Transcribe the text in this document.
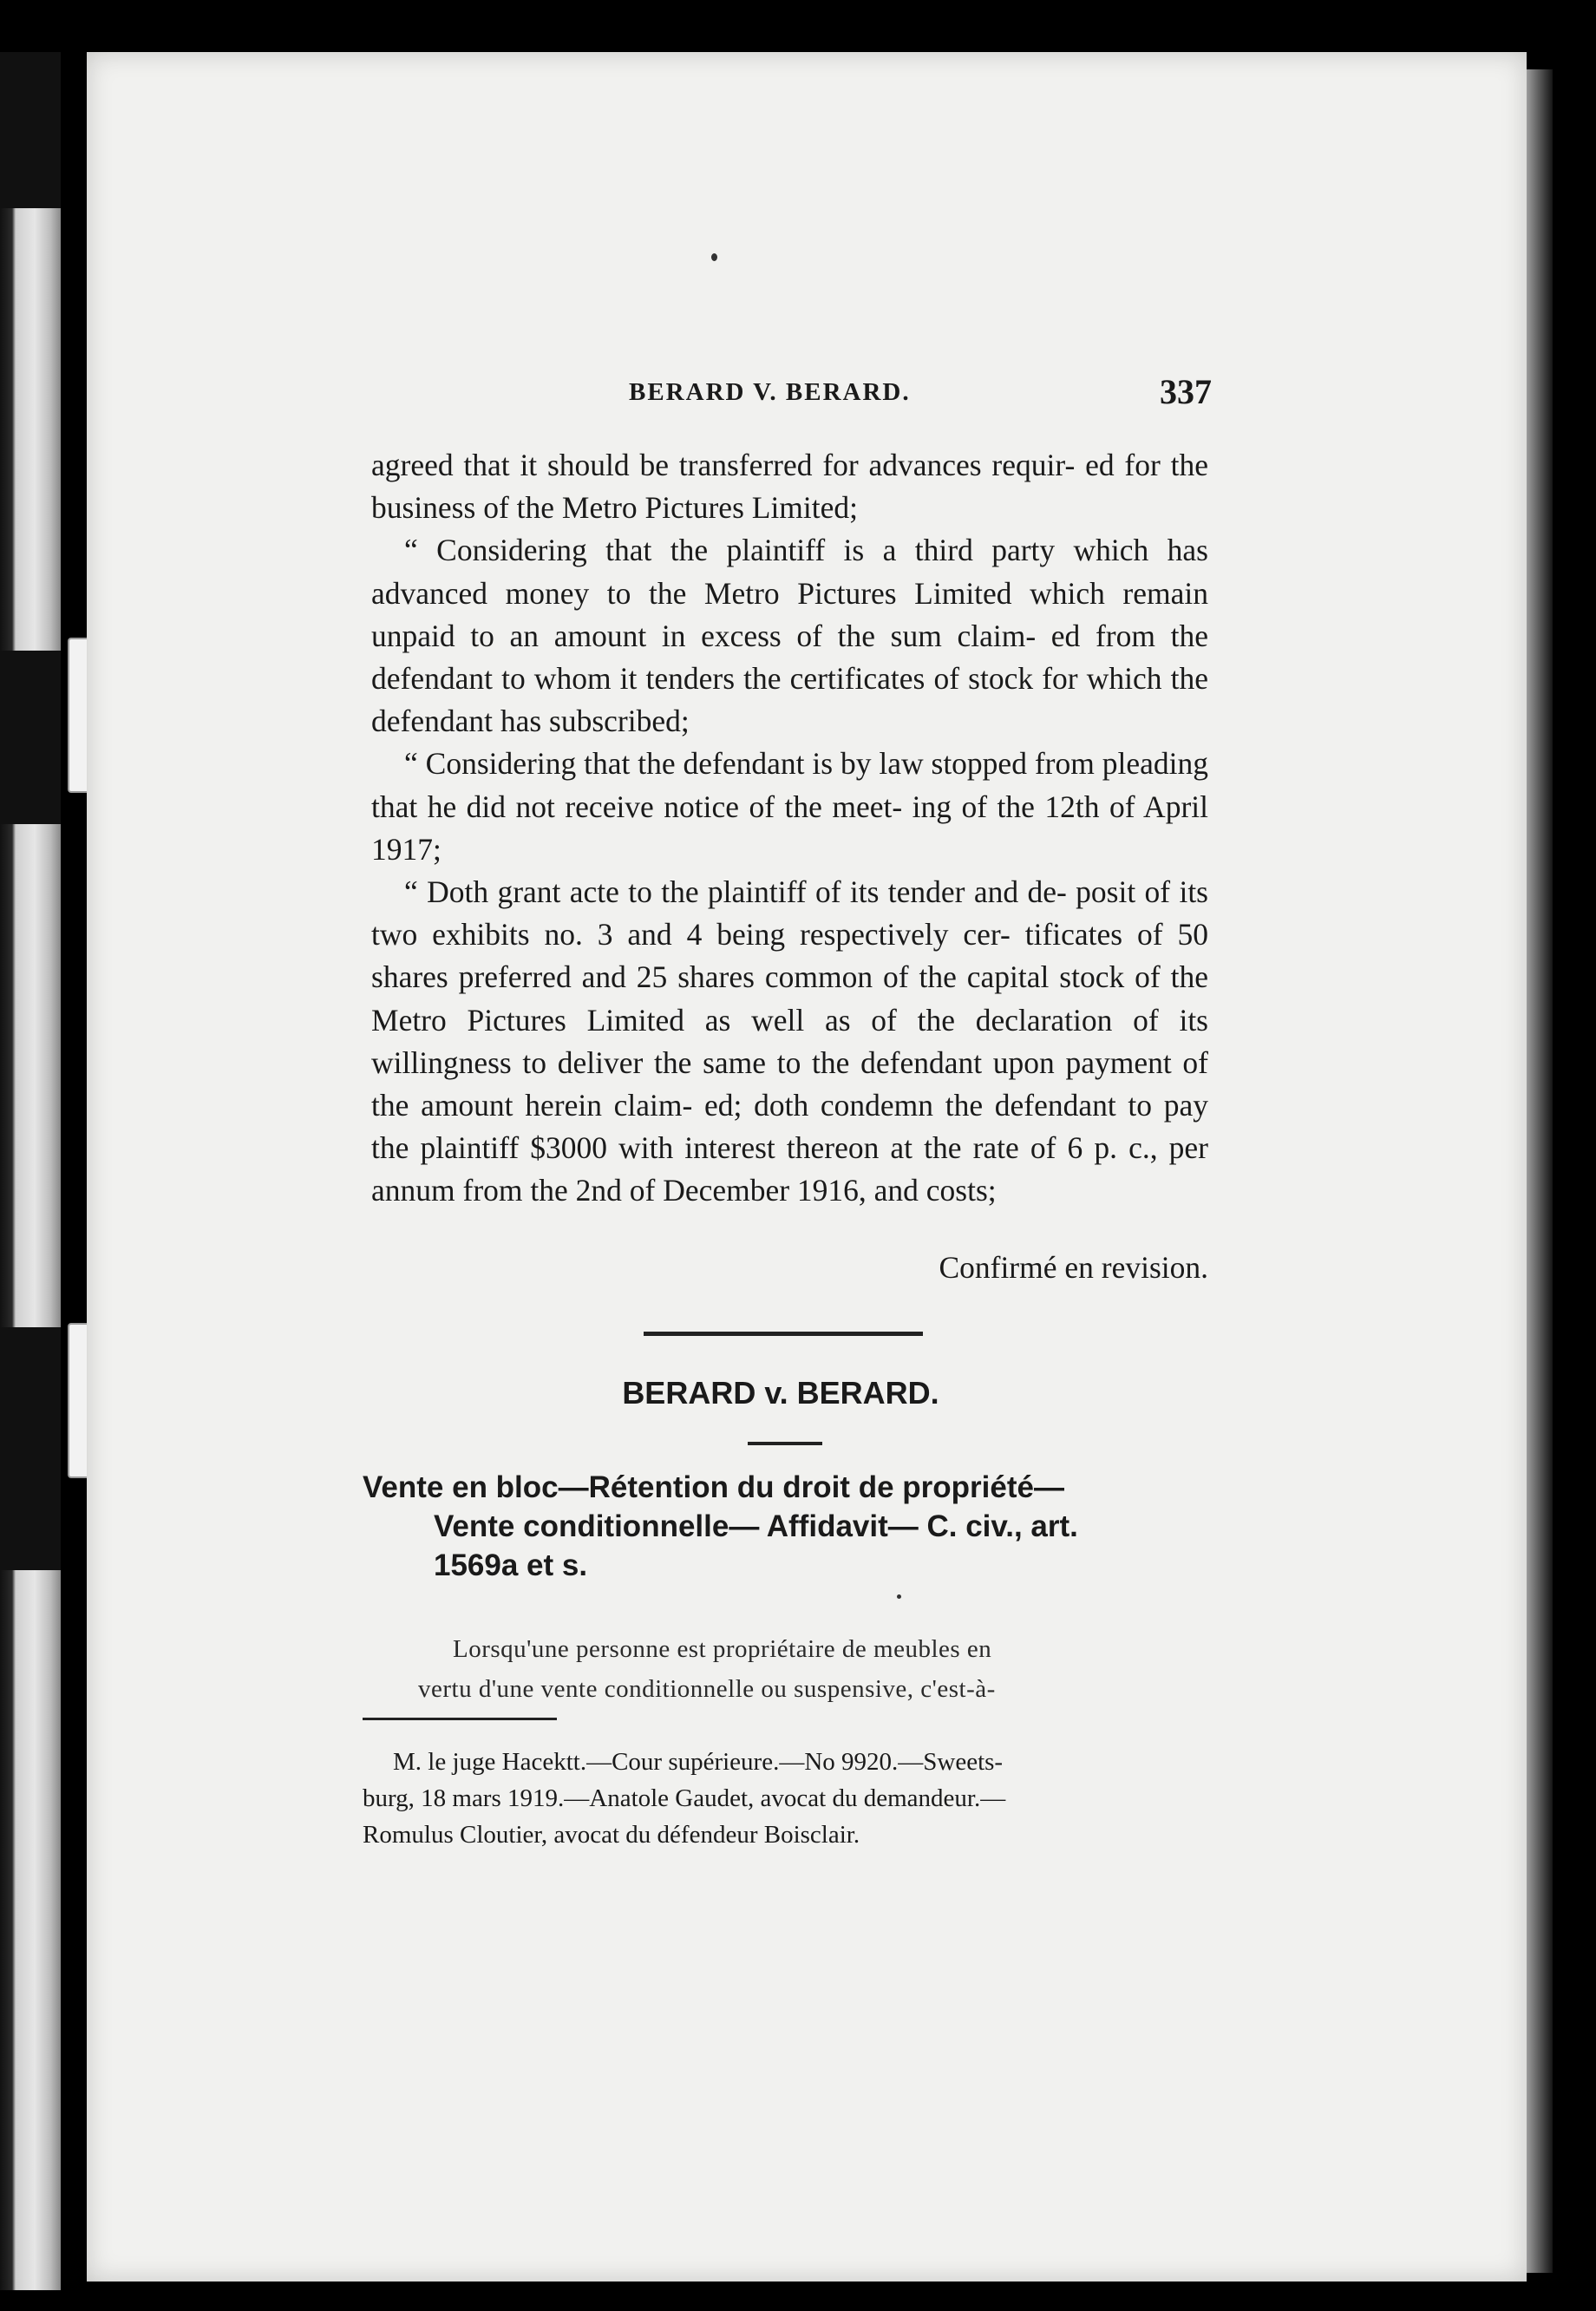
BERARD V. BERARD.	337

agreed that it should be transferred for advances requir- ed for the business of the Metro Pictures Limited;

“ Considering that the plaintiff is a third party which has advanced money to the Metro Pictures Limited which remain unpaid to an amount in excess of the sum claim- ed from the defendant to whom it tenders the certificates of stock for which the defendant has subscribed;

“ Considering that the defendant is by law stopped from pleading that he did not receive notice of the meet- ing of the 12th of April 1917;

“ Doth grant acte to the plaintiff of its tender and de- posit of its two exhibits no. 3 and 4 being respectively cer- tificates of 50 shares preferred and 25 shares common of the capital stock of the Metro Pictures Limited as well as of the declaration of its willingness to deliver the same to the defendant upon payment of the amount herein claim- ed; doth condemn the defendant to pay the plaintiff $3000 with interest thereon at the rate of 6 p. c., per annum from the 2nd of December 1916, and costs;

Confirmé en revision.
BERARD v. BERARD.
Vente en bloc—Rétention du droit de propriété—
Vente conditionnelle— Affidavit— C. civ., art.
1569a et s.
Lorsqu'une personne est propriétaire de meubles en
vertu d'une vente conditionnelle ou suspensive, c'est-à-

M. le juge Hacektt.—Cour supérieure.—No 9920.—Sweets-

burg, 18 mars 1919.—Anatole Gaudet, avocat du demandeur.—

Romulus Cloutier, avocat du défendeur Boisclair.
